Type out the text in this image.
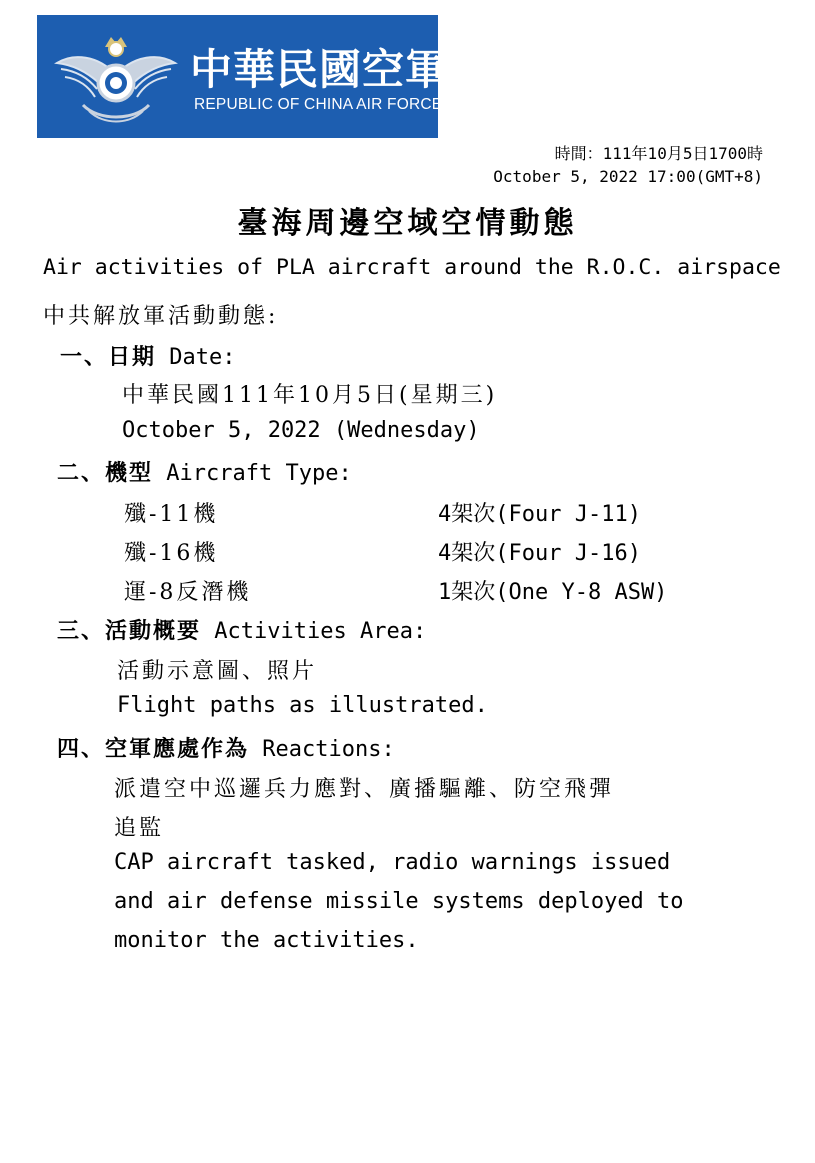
中華民國空軍
REPUBLIC OF CHINA AIR FORCE
時間：111年10月5日1700時
October 5, 2022 17:00(GMT+8)
臺海周邊空域空情動態
Air activities of PLA aircraft around the R.O.C. airspace
中共解放軍活動動態:
一、日期 Date:
中華民國111年10月5日(星期三)
October 5, 2022 (Wednesday)
二、機型 Aircraft Type:
殲-11機	4架次(Four J-11)
殲-16機	4架次(Four J-16)
運-8反潛機	1架次(One Y-8 ASW)
三、活動概要 Activities Area:
活動示意圖、照片
Flight paths as illustrated.
四、空軍應處作為 Reactions:
派遣空中巡邏兵力應對、廣播驅離、防空飛彈
追監
CAP aircraft tasked, radio warnings issued
and air defense missile systems deployed to
monitor the activities.
